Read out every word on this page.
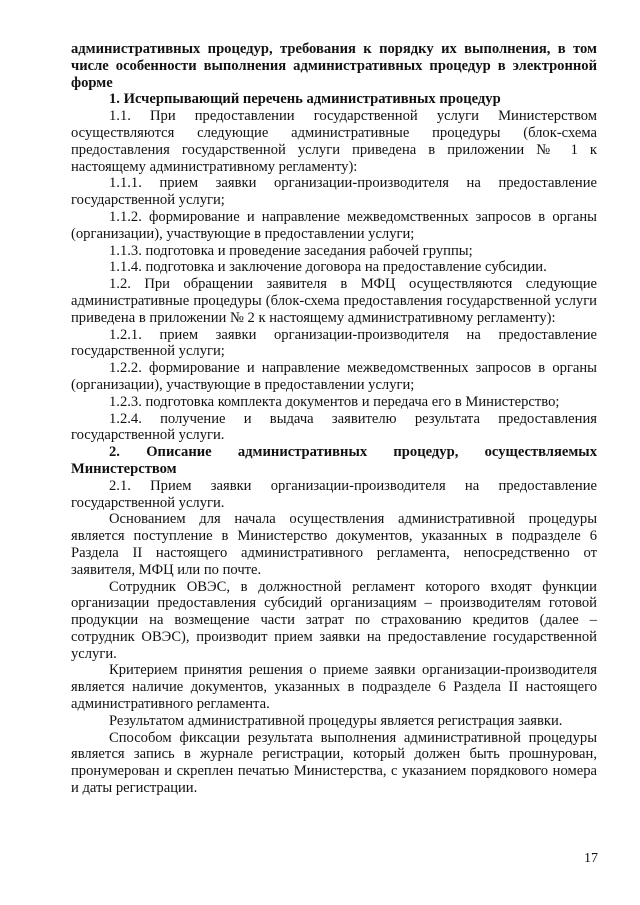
административных процедур, требования к порядку их выполнения, в том числе особенности выполнения административных процедур в электронной форме

1. Исчерпывающий перечень административных процедур

1.1. При предоставлении государственной услуги Министерством осуществляются следующие административные процедуры (блок-схема предоставления государственной услуги приведена в приложении № 1 к настоящему административному регламенту):

1.1.1. прием заявки организации-производителя на предоставление государственной услуги;

1.1.2. формирование и направление межведомственных запросов в органы (организации), участвующие в предоставлении услуги;

1.1.3. подготовка и проведение заседания рабочей группы;

1.1.4. подготовка и заключение договора на предоставление субсидии.

1.2. При обращении заявителя в МФЦ осуществляются следующие административные процедуры (блок-схема предоставления государственной услуги приведена в приложении № 2 к настоящему административному регламенту):

1.2.1. прием заявки организации-производителя на предоставление государственной услуги;

1.2.2. формирование и направление межведомственных запросов в органы (организации), участвующие в предоставлении услуги;

1.2.3. подготовка комплекта документов и передача его в Министерство;

1.2.4. получение и выдача заявителю результата предоставления государственной услуги.

2. Описание административных процедур, осуществляемых Министерством

2.1. Прием заявки организации-производителя на предоставление государственной услуги.

Основанием для начала осуществления административной процедуры является поступление в Министерство документов, указанных в подразделе 6 Раздела II настоящего административного регламента, непосредственно от заявителя, МФЦ или по почте.

Сотрудник ОВЭС, в должностной регламент которого входят функции организации предоставления субсидий организациям – производителям готовой продукции на возмещение части затрат по страхованию кредитов (далее – сотрудник ОВЭС), производит прием заявки на предоставление государственной услуги.

Критерием принятия решения о приеме заявки организации-производителя является наличие документов, указанных в подразделе 6 Раздела II настоящего административного регламента.

Результатом административной процедуры является регистрация заявки.

Способом фиксации результата выполнения административной процедуры является запись в журнале регистрации, который должен быть прошнурован, пронумерован и скреплен печатью Министерства, с указанием порядкового номера и даты регистрации.

17
